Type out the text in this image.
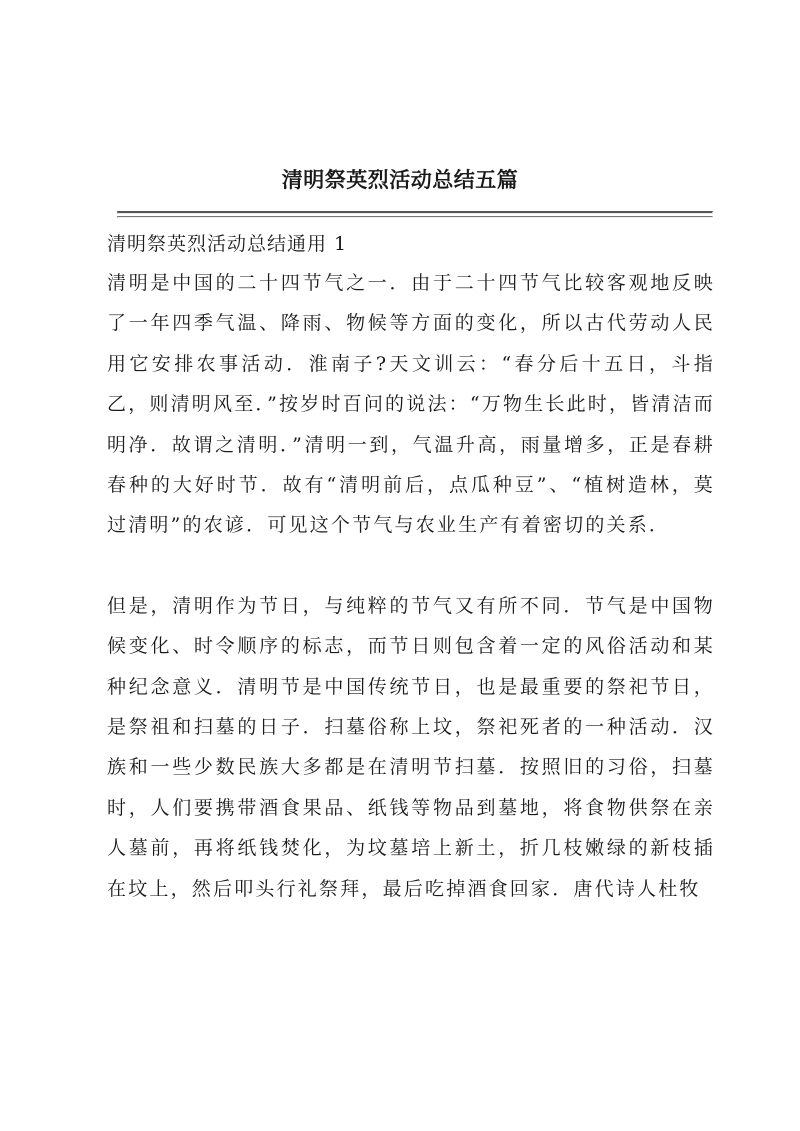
清明祭英烈活动总结五篇
清明祭英烈活动总结通用 1

清明是中国的二十四节气之一．由于二十四节气比较客观地反映了一年四季气温、降雨、物候等方面的变化，所以古代劳动人民用它安排农事活动．淮南子?天文训云：“春分后十五日，斗指乙，则清明风至．”按岁时百问的说法：“万物生长此时，皆清洁而明净．故谓之清明．”清明一到，气温升高，雨量增多，正是春耕春种的大好时节．故有“清明前后，点瓜种豆”、“植树造林，莫过清明”的农谚．可见这个节气与农业生产有着密切的关系．

但是，清明作为节日，与纯粹的节气又有所不同．节气是中国物候变化、时令顺序的标志，而节日则包含着一定的风俗活动和某种纪念意义．清明节是中国传统节日，也是最重要的祭祀节日，是祭祖和扫墓的日子．扫墓俗称上坟，祭祀死者的一种活动．汉族和一些少数民族大多都是在清明节扫墓．按照旧的习俗，扫墓时，人们要携带酒食果品、纸钱等物品到墓地，将食物供祭在亲人墓前，再将纸钱焚化，为坟墓培上新土，折几枝嫩绿的新枝插在坟上，然后叩头行礼祭拜，最后吃掉酒食回家．唐代诗人杜牧
